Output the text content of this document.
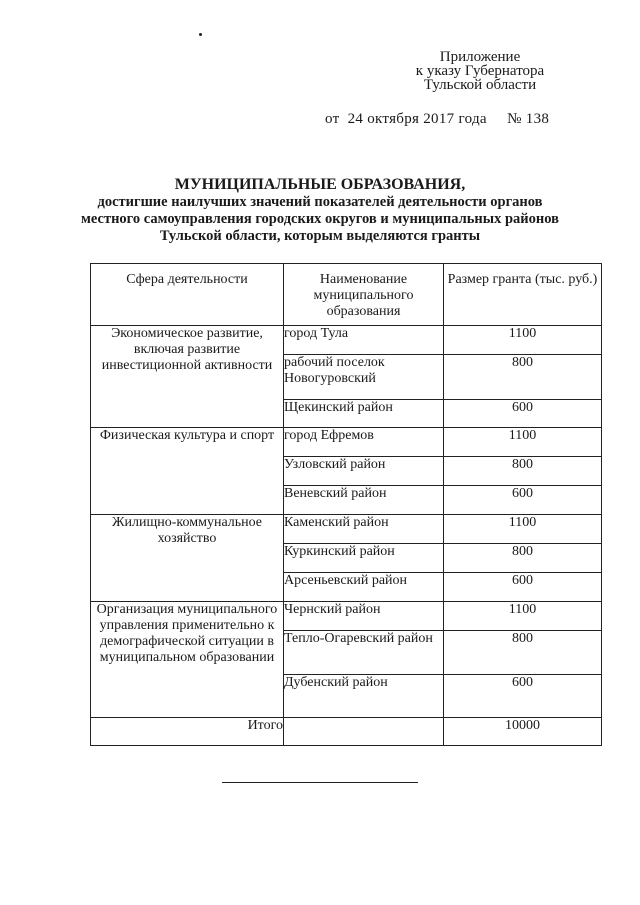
Приложение
к указу Губернатора
Тульской области
от 24 октября 2017 года № 138
МУНИЦИПАЛЬНЫЕ ОБРАЗОВАНИЯ,
достигшие наилучших значений показателей деятельности органов
местного самоуправления городских округов и муниципальных районов
Тульской области, которым выделяются гранты
Сфера деятельности	Наименование муниципального образования	Размер гранта (тыс. руб.)
Экономическое развитие, включая развитие инвестиционной активности	город Тула	1100
	рабочий поселок Новогуровский	800
	Щекинский район	600
Физическая культура и спорт	город Ефремов	1100
	Узловский район	800
	Веневский район	600
Жилищно-коммунальное хозяйство	Каменский район	1100
	Куркинский район	800
	Арсеньевский район	600
Организация муниципального управления применительно к демографической ситуации в муниципальном образовании	Чернский район	1100
	Тепло-Огаревский район	800
	Дубенский район	600
Итого		10000
